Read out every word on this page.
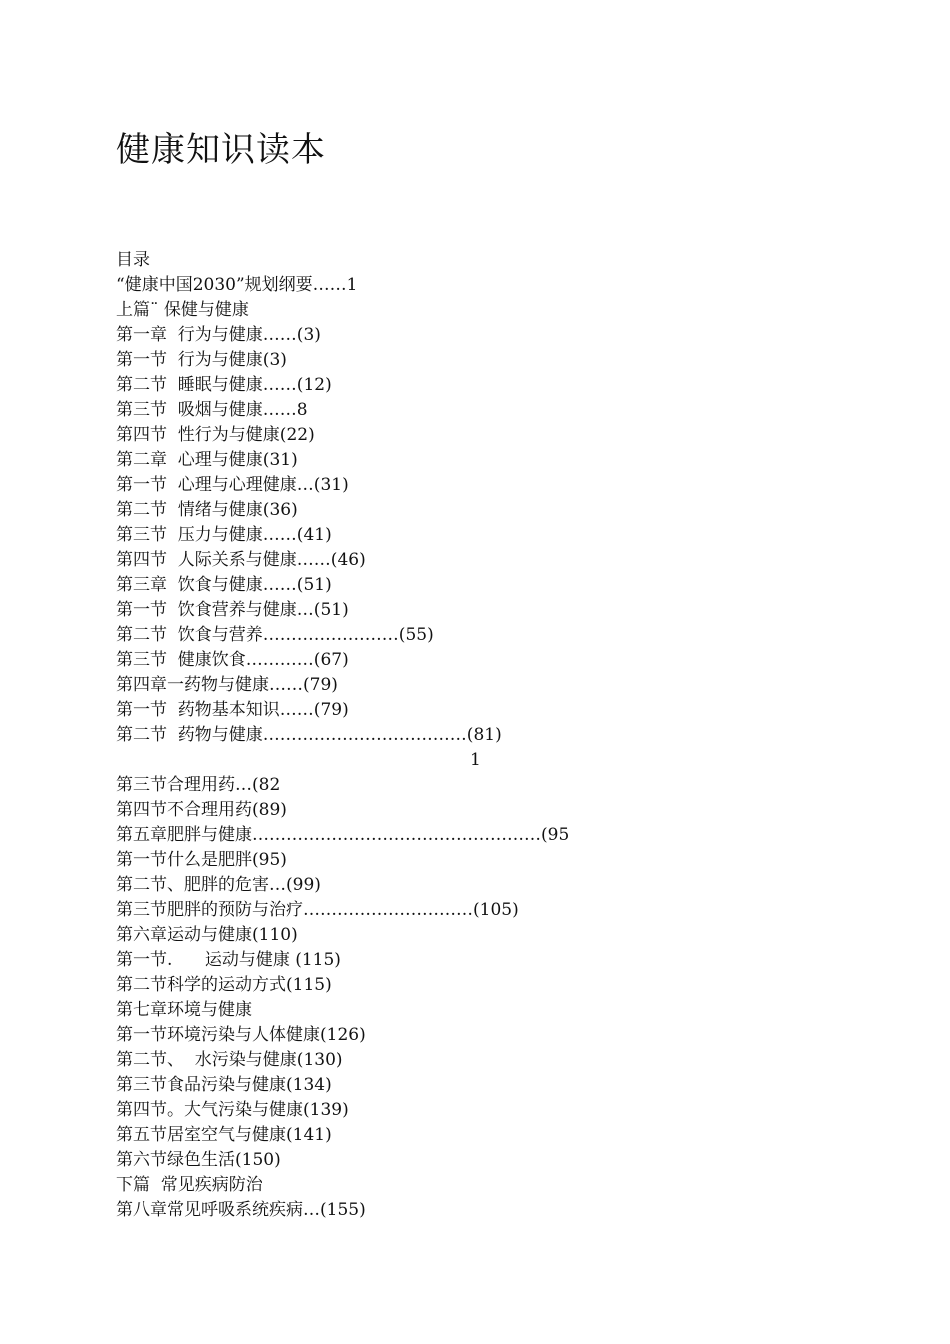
健康知识读本
目录
“健康中国2030”规划纲要……1
上篇¨ 保健与健康
第一章  行为与健康……(3)
第一节  行为与健康(3)
第二节  睡眠与健康……(12)
第三节  吸烟与健康……8
第四节  性行为与健康(22)
第二章  心理与健康(31)
第一节  心理与心理健康…(31)
第二节  情绪与健康(36)
第三节  压力与健康……(41)
第四节  人际关系与健康……(46)
第三章  饮食与健康……(51)
第一节  饮食营养与健康…(51)
第二节  饮食与营养……………………(55)
第三节  健康饮食…………(67)
第四章一药物与健康……(79)
第一节  药物基本知识……(79)
第二节  药物与健康………………………………(81)
1
第三节合理用药…(82
第四节不合理用药(89)
第五章肥胖与健康……………………………………………(95
第一节什么是肥胖(95)
第二节、肥胖的危害…(99)
第三节肥胖的预防与治疗…………………………(105)
第六章运动与健康(110)
第一节.      运动与健康 (115)
第二节科学的运动方式(115)
第七章环境与健康
第一节环境污染与人体健康(126)
第二节、  水污染与健康(130)
第三节食品污染与健康(134)
第四节。大气污染与健康(139)
第五节居室空气与健康(141)
第六节绿色生活(150)
下篇  常见疾病防治
第八章常见呼吸系统疾病…(155)
